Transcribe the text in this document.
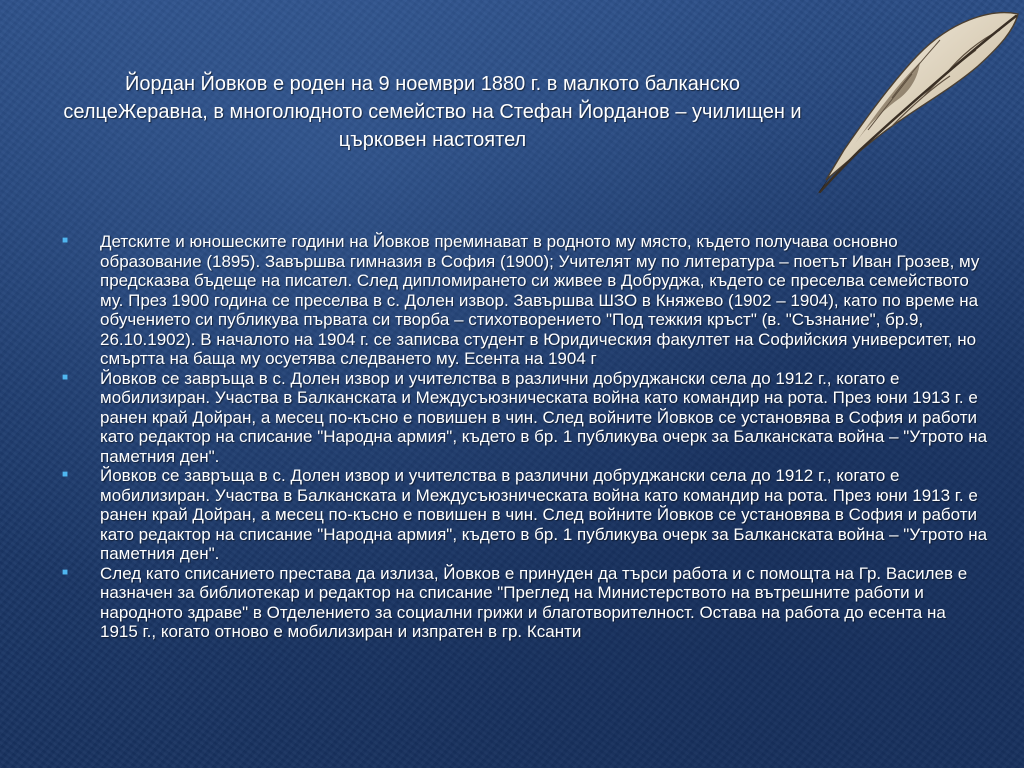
Йордан Йовков е роден на 9 ноември 1880 г. в малкото балканско селцеЖеравна, в многолюдното семейство на Стефан Йорданов – училищен и църковен настоятел
■ Детските и юношеските години на Йовков преминават в родното му място, където получава основно образование (1895). Завършва гимназия в София (1900); Учителят му по литература – поетът Иван Грозев, му предсказва бъдеще на писател. След дипломирането си живее в Добруджа, където се преселва семейството му. През 1900 година се преселва в с. Долен извор. Завършва ШЗО в Княжево (1902 – 1904), като по време на обучението си публикува първата си творба – стихотворението "Под тежкия кръст" (в. "Съзнание", бр.9, 26.10.1902). В началото на 1904 г. се записва студент в Юридическия факултет на Софийския университет, но смъртта на баща му осуетява следването му. Есента на 1904 г
■ Йовков се завръща в с. Долен извор и учителства в различни добруджански села до 1912 г., когато е мобилизиран. Участва в Балканската и Междусъюзническата война като командир на рота. През юни 1913 г. е ранен край Дойран, а месец по-късно е повишен в чин. След войните Йовков се установява в София и работи като редактор на списание "Народна армия", където в бр. 1 публикува очерк за Балканската война – "Утрото на паметния ден".
■ Йовков се завръща в с. Долен извор и учителства в различни добруджански села до 1912 г., когато е мобилизиран. Участва в Балканската и Междусъюзническата война като командир на рота. През юни 1913 г. е ранен край Дойран, а месец по-късно е повишен в чин. След войните Йовков се установява в София и работи като редактор на списание "Народна армия", където в бр. 1 публикува очерк за Балканската война – "Утрото на паметния ден".
■ След като списанието престава да излиза, Йовков е принуден да търси работа и с помощта на Гр. Василев е назначен за библиотекар и редактор на списание "Преглед на Министерството на вътрешните работи и народното здраве" в Отделението за социални грижи и благотворителност. Остава на работа до есента на 1915 г., когато отново е мобилизиран и изпратен в гр. Ксанти
